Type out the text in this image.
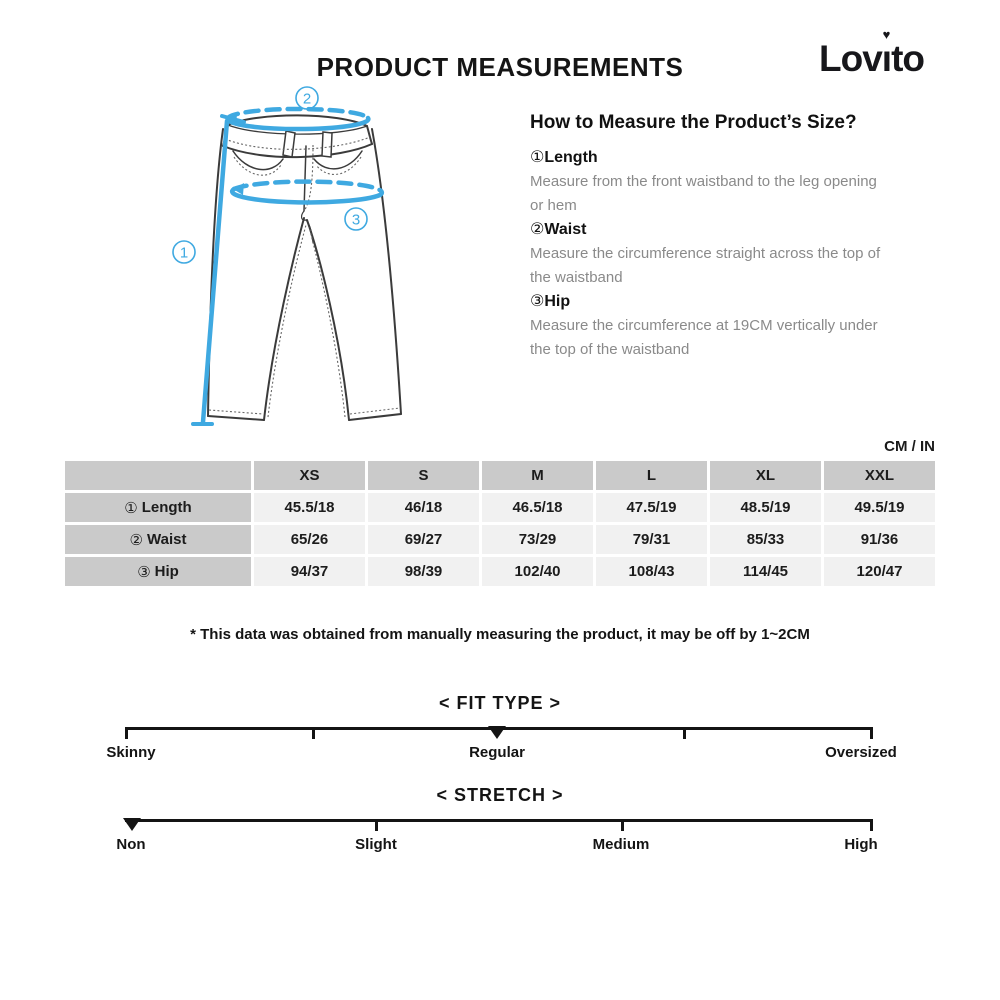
PRODUCT MEASUREMENTS	Lovı
♥
to
1
2
3
How to Measure the Product’s Size?
①Length

Measure from the front waistband to the leg opening or hem

②Waist

Measure the circumference straight across the top of the waistband

③Hip

Measure the circumference at 19CM vertically under the top of the waistband

CM / IN
XS	S	M	L	XL	XXL
① Length	45.5/18	46/18	46.5/18	47.5/19	48.5/19	49.5/19
② Waist	65/26	69/27	73/29	79/31	85/33	91/36
③ Hip	94/37	98/39	102/40	108/43	114/45	120/47
* This data was obtained from manually measuring the product, it may be off by 1~2CM
< FIT TYPE >
Skinny	Regular	Oversized
< STRETCH >
Non	Slight	Medium	High
